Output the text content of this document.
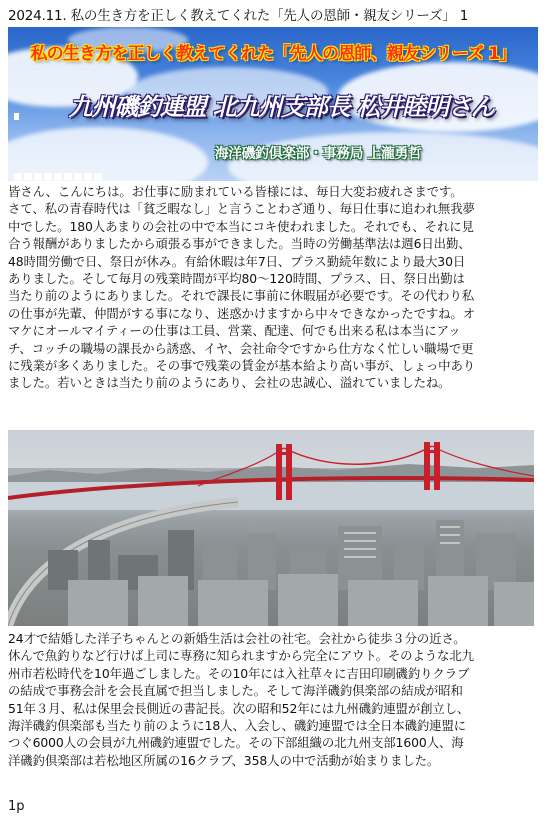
2024.11. 私の生き方を正しく教えてくれた「先人の恩師・親友シリーズ」 1
私の生き方を正しく教えてくれた「先人の恩師、親友シリーズ 1」
九州磯釣連盟 北九州支部長 松井睦明さん
海洋磯釣倶楽部・事務局 上瀧勇哲

皆さん、こんにちは。お仕事に励まれている皆様には、毎日大変お疲れさまです。

さて、私の青春時代は「貧乏暇なし」と言うことわざ通り、毎日仕事に追われ無我夢

中でした。180人あまりの会社の中で本当にコキ使われました。それでも、それに見

合う報酬がありましたから頑張る事ができました。当時の労働基準法は週6日出勤、

48時間労働で日、祭日が休み。有給休暇は年7日、プラス勤続年数により最大30日

ありました。そして毎月の残業時間が平均80～120時間、プラス、日、祭日出勤は

当たり前のようにありました。それで課長に事前に休暇届が必要です。その代わり私

の仕事が先輩、仲間がする事になり、迷惑かけますから中々できなかったですね。オ

マケにオールマイティーの仕事は工員、営業、配達、何でも出来る私は本当にアッ

チ、コッチの職場の課長から誘惑、イヤ、会社命令ですから仕方なく忙しい職場で更

に残業が多くありました。その事で残業の賃金が基本給より高い事が、しょっ中あり

ました。若いときは当たり前のようにあり、会社の忠誠心、溢れていましたね。

24才で結婚した洋子ちゃんとの新婚生活は会社の社宅。会社から徒歩３分の近さ。

休んで魚釣りなど行けば上司に専務に知られますから完全にアウト。そのような北九

州市若松時代を10年過ごしました。その10年には入社草々に吉田印刷磯釣りクラブ

の結成で事務会計を会長直属で担当しました。そして海洋磯釣倶楽部の結成が昭和

51年３月、私は保里会長側近の書記長。次の昭和52年には九州磯釣連盟が創立し、

海洋磯釣倶楽部も当たり前のように18人、入会し、磯釣連盟では全日本磯釣連盟に

つぐ6000人の会員が九州磯釣連盟でした。その下部組織の北九州支部1600人、海

洋磯釣倶楽部は若松地区所属の16クラブ、358人の中で活動が始まりました。

1p
